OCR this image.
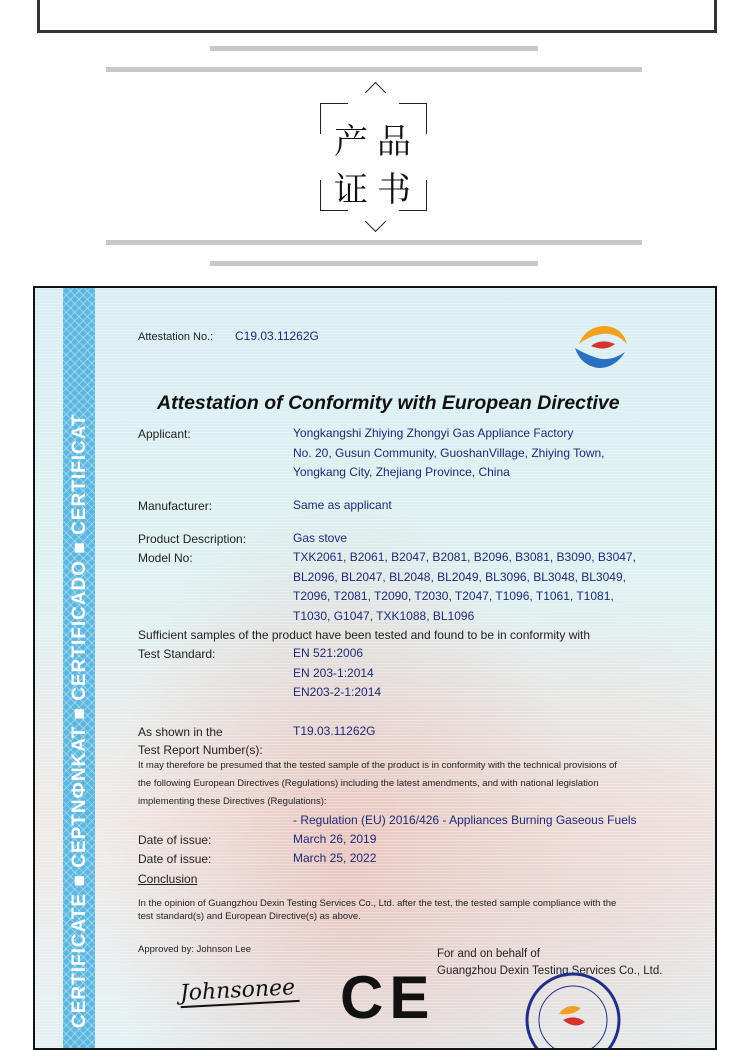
产 品
证 书
CERTIFICATE ■ CEPTNФNKAT ■ CERTIFICADO ■ CERTIFICAT
Attestation No.: C19.03.11262G
Attestation of Conformity with European Directive
Applicant:	Yongkangshi Zhiying Zhongyi Gas Appliance Factory
No. 20, Gusun Community, GuoshanVillage, Zhiying Town,
Yongkang City, Zhejiang Province, China
Manufacturer:	Same as applicant
Product Description:	Gas stove
Model No:	TXK2061, B2061, B2047, B2081, B2096, B3081, B3090, B3047,
BL2096, BL2047, BL2048, BL2049, BL3096, BL3048, BL3049,
T2096, T2081, T2090, T2030, T2047, T1096, T1061, T1081,
T1030, G1047, TXK1088, BL1096
Sufficient samples of the product have been tested and found to be in conformity with
Test Standard:	EN 521:2006
EN 203-1:2014
EN203-2-1:2014
As shown in the
Test Report Number(s):
T19.03.11262G
It may therefore be presumed that the tested sample of the product is in conformity with the technical provisions of
the following European Directives (Regulations) including the latest amendments, and with national legislation
implementing these Directives (Regulations):
- Regulation (EU) 2016/426 - Appliances Burning Gaseous Fuels
Date of issue:	March 26, 2019
Date of issue:	March 25, 2022
Conclusion
In the opinion of Guangzhou Dexin Testing Services Co., Ltd. after the test, the tested sample compliance with the
test standard(s) and European Directive(s) as above.
Approved by: Johnson Lee
Johnsonee CE
For and on behalf of
Guangzhou Dexin Testing Services Co., Ltd.
